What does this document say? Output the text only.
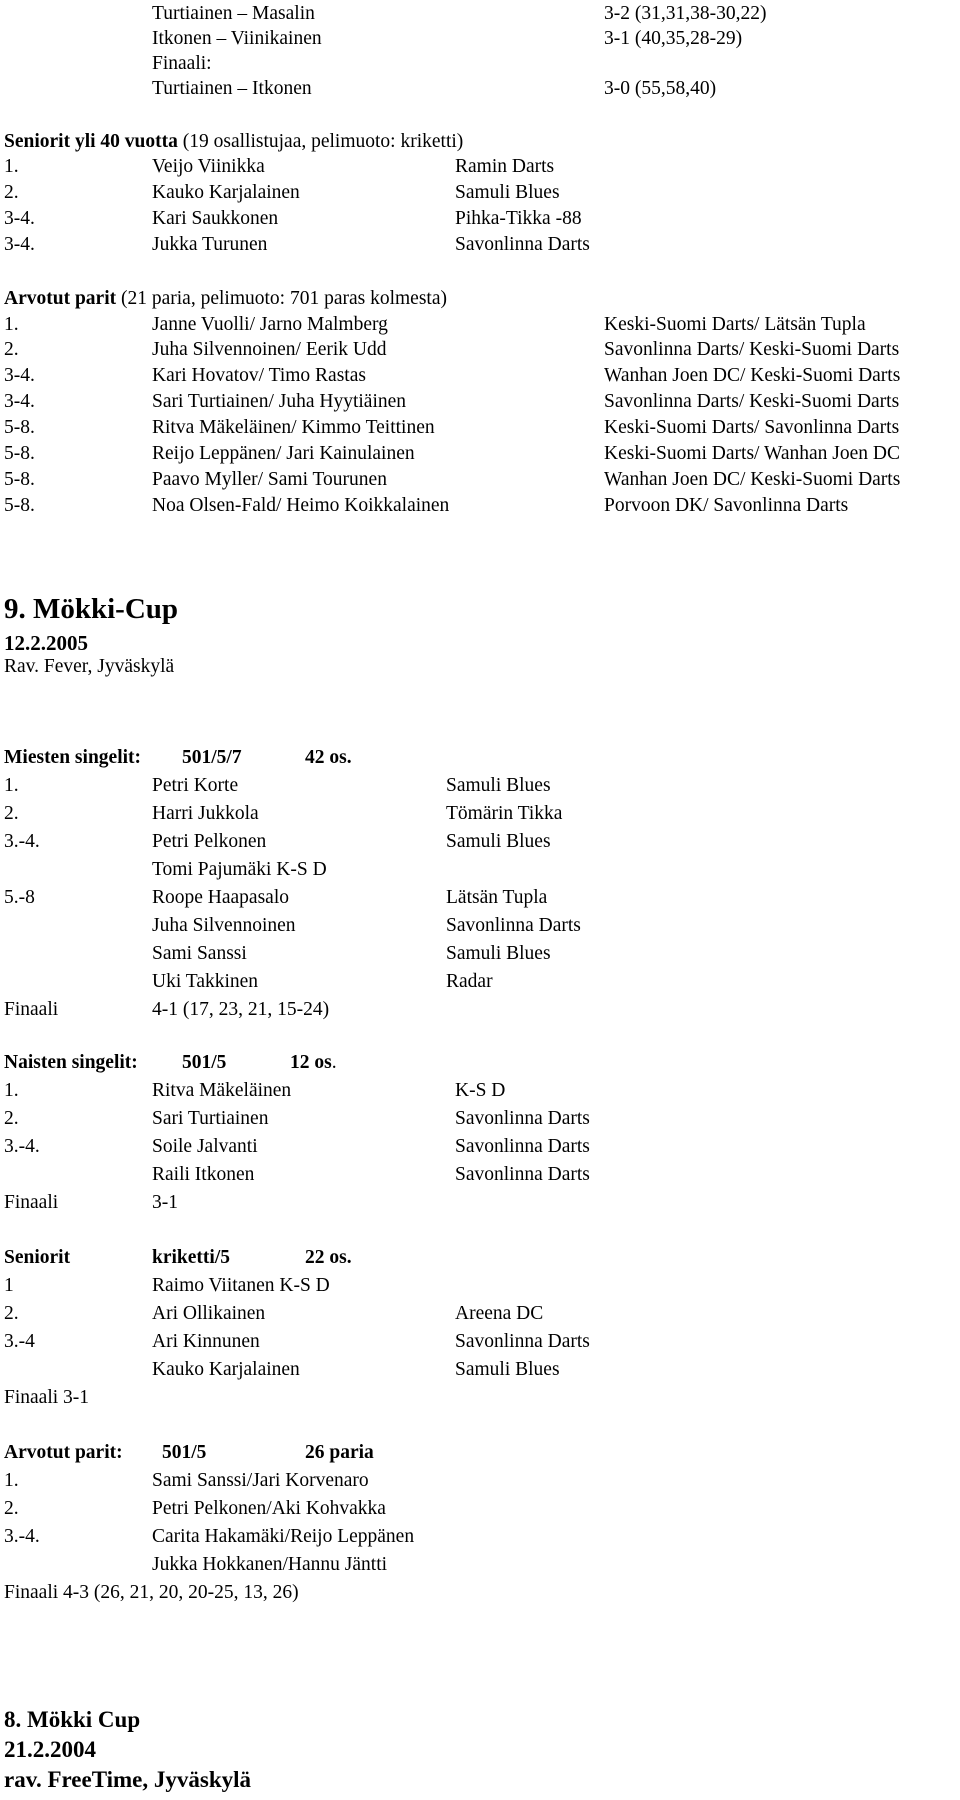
Turtiainen – Masalin	3-2 (31,31,38-30,22)
Itkonen – Viinikainen	3-1 (40,35,28-29)
Finaali:
Turtiainen – Itkonen	3-0 (55,58,40)
Seniorit yli 40 vuotta (19 osallistujaa, pelimuoto: kriketti)
1.	Veijo Viinikka	Ramin Darts
2.	Kauko Karjalainen	Samuli Blues
3-4.	Kari Saukkonen	Pihka-Tikka -88
3-4.	Jukka Turunen	Savonlinna Darts
Arvotut parit (21 paria, pelimuoto: 701 paras kolmesta)
1.	Janne Vuolli/ Jarno Malmberg	Keski-Suomi Darts/ Lätsän Tupla
2.	Juha Silvennoinen/ Eerik Udd	Savonlinna Darts/ Keski-Suomi Darts
3-4.	Kari Hovatov/ Timo Rastas	Wanhan Joen DC/ Keski-Suomi Darts
3-4.	Sari Turtiainen/ Juha Hyytiäinen	Savonlinna Darts/ Keski-Suomi Darts
5-8.	Ritva Mäkeläinen/ Kimmo Teittinen	Keski-Suomi Darts/ Savonlinna Darts
5-8.	Reijo Leppänen/ Jari Kainulainen	Keski-Suomi Darts/ Wanhan Joen DC
5-8.	Paavo Myller/ Sami Tourunen	Wanhan Joen DC/ Keski-Suomi Darts
5-8.	Noa Olsen-Fald/ Heimo Koikkalainen	Porvoon DK/ Savonlinna Darts
9. Mökki-Cup
12.2.2005
Rav. Fever, Jyväskylä
Miesten singelit: 501/5/7	42 os.
1.	Petri Korte	Samuli Blues
2.	Harri Jukkola	Tömärin Tikka
3.-4.	Petri Pelkonen	Samuli Blues
Tomi Pajumäki K-S D
5.-8	Roope Haapasalo	Lätsän Tupla
Juha Silvennoinen	Savonlinna Darts
Sami Sanssi	Samuli Blues
Uki Takkinen	Radar
Finaali	4-1 (17, 23, 21, 15-24)
Naisten singelit: 501/5	12 os.
1.	Ritva Mäkeläinen	K-S D
2.	Sari Turtiainen	Savonlinna Darts
3.-4.	Soile Jalvanti	Savonlinna Darts
Raili Itkonen	Savonlinna Darts
Finaali	3-1
Seniorit	kriketti/5	22 os.
1	Raimo Viitanen K-S D
2.	Ari Ollikainen	Areena DC
3.-4	Ari Kinnunen	Savonlinna Darts
Kauko Karjalainen	Samuli Blues
Finaali 3-1
Arvotut parit: 501/5	26 paria
1.	Sami Sanssi/Jari Korvenaro
2.	Petri Pelkonen/Aki Kohvakka
3.-4.	Carita Hakamäki/Reijo Leppänen
Jukka Hokkanen/Hannu Jäntti
Finaali 4-3 (26, 21, 20, 20-25, 13, 26)
8. Mökki Cup
21.2.2004
rav. FreeTime, Jyväskylä
